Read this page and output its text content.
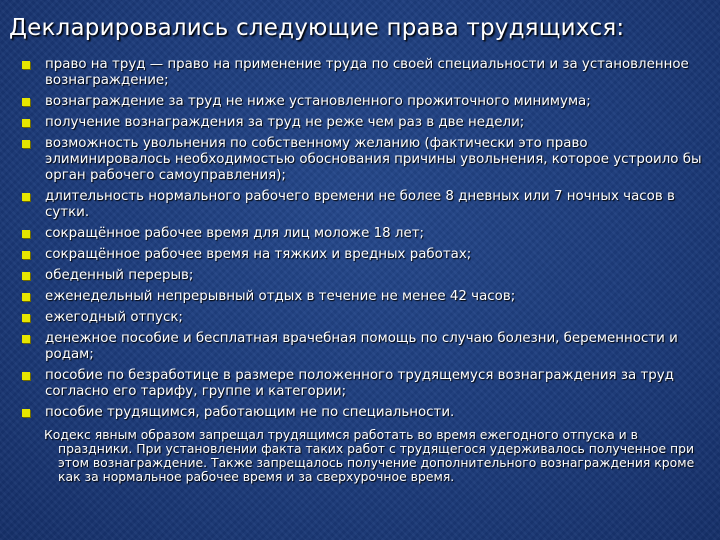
Декларировались следующие права трудящихся:
право на труд — право на применение труда по своей специальности и за установленное вознаграждение;
вознаграждение за труд не ниже установленного прожиточного минимума;
получение вознаграждения за труд не реже чем раз в две недели;
возможность увольнения по собственному желанию (фактически это право элиминировалось необходимостью обоснования причины увольнения, которое устроило бы орган рабочего самоуправления);
длительность нормального рабочего времени не более 8 дневных или 7 ночных часов в сутки.
сокращённое рабочее время для лиц моложе 18 лет;
сокращённое рабочее время на тяжких и вредных работах;
обеденный перерыв;
еженедельный непрерывный отдых в течение не менее 42 часов;
ежегодный отпуск;
денежное пособие и бесплатная врачебная помощь по случаю болезни, беременности и родам;
пособие по безработице в размере положенного трудящемуся вознаграждения за труд согласно его тарифу, группе и категории;
пособие трудящимся, работающим не по специальности.
Кодекс явным образом запрещал трудящимся работать во время ежегодного отпуска и в праздники. При установлении факта таких работ с трудящегося удерживалось полученное при этом вознаграждение. Также запрещалось получение дополнительного вознаграждения кроме как за нормальное рабочее время и за сверхурочное время.
